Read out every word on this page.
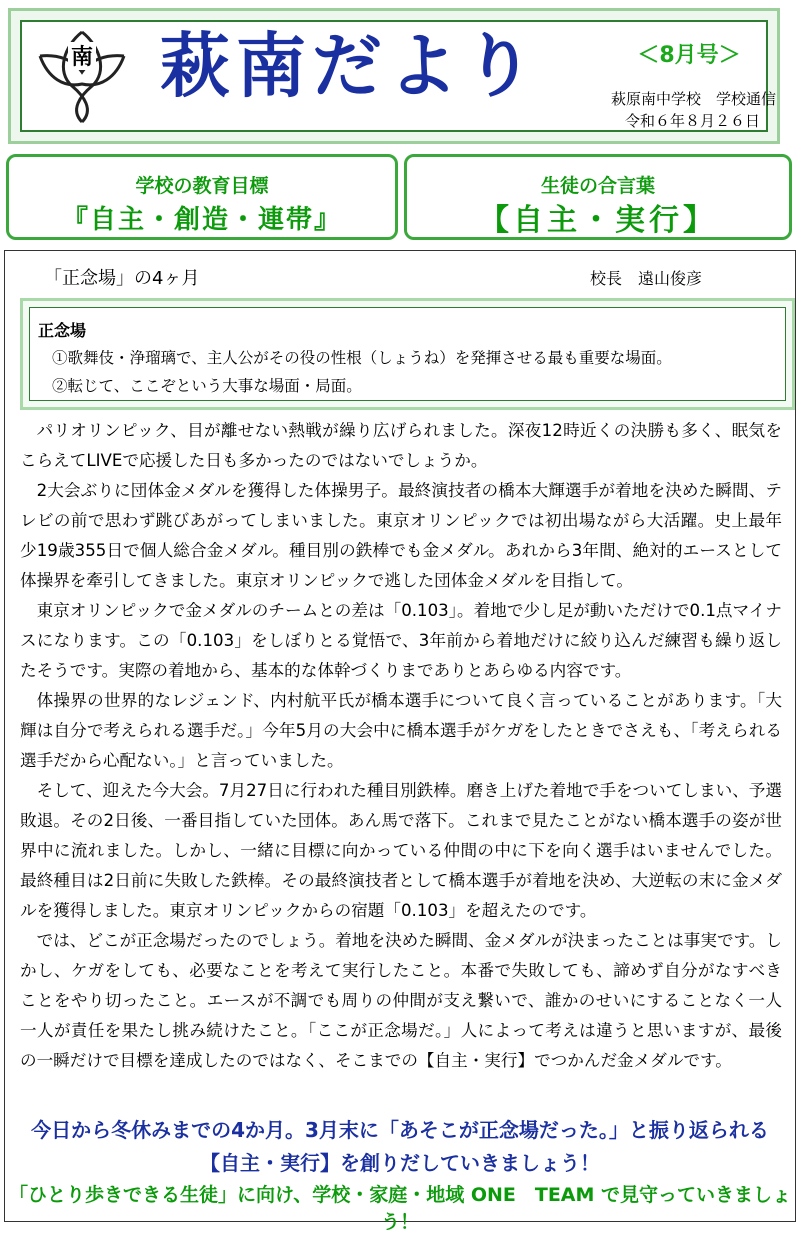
南 萩南だより	＜8月号＞
萩原南中学校　学校通信
令和６年８月２６日
学校の教育目標
『自主・創造・連帯』
生徒の合言葉
【自主・実行】
「正念場」の4ヶ月	校長　遠山俊彦
正念場
①歌舞伎・浄瑠璃で、主人公がその役の性根（しょうね）を発揮させる最も重要な場面。
②転じて、ここぞという大事な場面・局面。

パリオリンピック、目が離せない熱戦が繰り広げられました。深夜12時近くの決勝も多く、眠気をこらえてLIVEで応援した日も多かったのではないでしょうか。

2大会ぶりに団体金メダルを獲得した体操男子。最終演技者の橋本大輝選手が着地を決めた瞬間、テレビの前で思わず跳びあがってしまいました。東京オリンピックでは初出場ながら大活躍。史上最年少19歳355日で個人総合金メダル。種目別の鉄棒でも金メダル。あれから3年間、絶対的エースとして体操界を牽引してきました。東京オリンピックで逃した団体金メダルを目指して。

東京オリンピックで金メダルのチームとの差は「0.103」。着地で少し足が動いただけで0.1点マイナスになります。この「0.103」をしぼりとる覚悟で、3年前から着地だけに絞り込んだ練習も繰り返したそうです。実際の着地から、基本的な体幹づくりまでありとあらゆる内容です。

体操界の世界的なレジェンド、内村航平氏が橋本選手について良く言っていることがあります。「大輝は自分で考えられる選手だ。」今年5月の大会中に橋本選手がケガをしたときでさえも、「考えられる選手だから心配ない。」と言っていました。

そして、迎えた今大会。7月27日に行われた種目別鉄棒。磨き上げた着地で手をついてしまい、予選敗退。その2日後、一番目指していた団体。あん馬で落下。これまで見たことがない橋本選手の姿が世界中に流れました。しかし、一緒に目標に向かっている仲間の中に下を向く選手はいませんでした。最終種目は2日前に失敗した鉄棒。その最終演技者として橋本選手が着地を決め、大逆転の末に金メダルを獲得しました。東京オリンピックからの宿題「0.103」を超えたのです。

では、どこが正念場だったのでしょう。着地を決めた瞬間、金メダルが決まったことは事実です。しかし、ケガをしても、必要なことを考えて実行したこと。本番で失敗しても、諦めず自分がなすべきことをやり切ったこと。エースが不調でも周りの仲間が支え繋いで、誰かのせいにすることなく一人一人が責任を果たし挑み続けたこと。「ここが正念場だ。」人によって考えは違うと思いますが、最後の一瞬だけで目標を達成したのではなく、そこまでの【自主・実行】でつかんだ金メダルです。

今日から冬休みまでの4か月。3月末に「あそこが正念場だった。」と振り返られる
【自主・実行】を創りだしていきましょう！
「ひとり歩きできる生徒」に向け、学校・家庭・地域 ONE　TEAM で見守っていきましょう！
